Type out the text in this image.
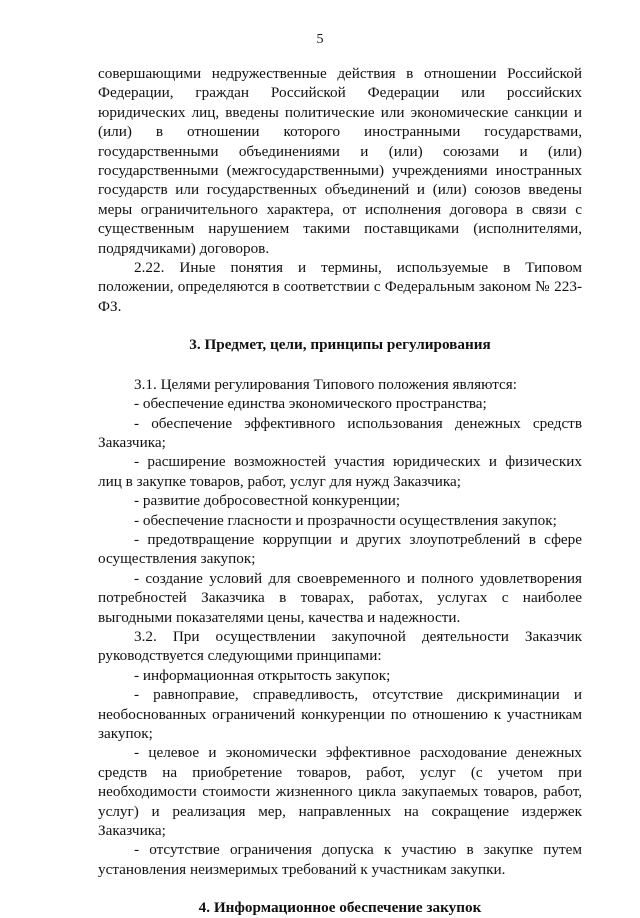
5

совершающими недружественные действия в отношении Российской Федерации, граждан Российской Федерации или российских юридических лиц, введены политические или экономические санкции и (или) в отношении которого иностранными государствами, государственными объединениями и (или) союзами и (или) государственными (межгосударственными) учреждениями иностранных государств или государственных объединений и (или) союзов введены меры ограничительного характера, от исполнения договора в связи с существенным нарушением такими поставщиками (исполнителями, подрядчиками) договоров.

2.22. Иные понятия и термины, используемые в Типовом положении, определяются в соответствии с Федеральным законом № 223-ФЗ.

3. Предмет, цели, принципы регулирования

3.1. Целями регулирования Типового положения являются:

- обеспечение единства экономического пространства;

- обеспечение эффективного использования денежных средств Заказчика;

- расширение возможностей участия юридических и физических лиц в закупке товаров, работ, услуг для нужд Заказчика;

- развитие добросовестной конкуренции;

- обеспечение гласности и прозрачности осуществления закупок;

- предотвращение коррупции и других злоупотреблений в сфере осуществления закупок;

- создание условий для своевременного и полного удовлетворения потребностей Заказчика в товарах, работах, услугах с наиболее выгодными показателями цены, качества и надежности.

3.2. При осуществлении закупочной деятельности Заказчик руководствуется следующими принципами:

- информационная открытость закупок;

- равноправие, справедливость, отсутствие дискриминации и необоснованных ограничений конкуренции по отношению к участникам закупок;

- целевое и экономически эффективное расходование денежных средств на приобретение товаров, работ, услуг (с учетом при необходимости стоимости жизненного цикла закупаемых товаров, работ, услуг) и реализация мер, направленных на сокращение издержек Заказчика;

- отсутствие ограничения допуска к участию в закупке путем установления неизмеримых требований к участникам закупки.

4. Информационное обеспечение закупок
